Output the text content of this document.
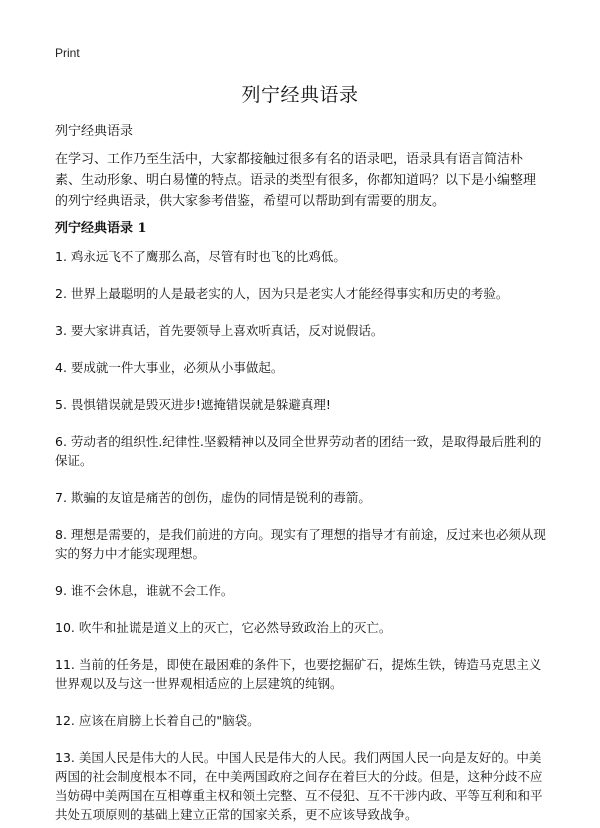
Print
列宁经典语录

列宁经典语录

在学习、工作乃至生活中，大家都接触过很多有名的语录吧，语录具有语言简洁朴素、生动形象、明白易懂的特点。语录的类型有很多，你都知道吗？以下是小编整理的列宁经典语录，供大家参考借鉴，希望可以帮助到有需要的朋友。

列宁经典语录 1
1. 鸡永远飞不了鹰那么高，尽管有时也飞的比鸡低。
2. 世界上最聪明的人是最老实的人，因为只是老实人才能经得事实和历史的考验。
3. 要大家讲真话，首先要领导上喜欢听真话，反对说假话。
4. 要成就一件大事业，必须从小事做起。
5. 畏惧错误就是毁灭进步!遮掩错误就是躲避真理!
6. 劳动者的组织性.纪律性.坚毅精神以及同全世界劳动者的团结一致，是取得最后胜利的保证。
7. 欺骗的友谊是痛苦的创伤，虚伪的同情是锐利的毒箭。
8. 理想是需要的，是我们前进的方向。现实有了理想的指导才有前途，反过来也必须从现实的努力中才能实现理想。
9. 谁不会休息，谁就不会工作。
10. 吹牛和扯谎是道义上的灭亡，它必然导致政治上的灭亡。
11. 当前的任务是，即使在最困难的条件下，也要挖掘矿石，提炼生铁，铸造马克思主义世界观以及与这一世界观相适应的上层建筑的纯钢。
12. 应该在肩膀上长着自己的"脑袋。
13. 美国人民是伟大的人民。中国人民是伟大的人民。我们两国人民一向是友好的。中美两国的社会制度根本不同，在中美两国政府之间存在着巨大的分歧。但是，这种分歧不应当妨碍中美两国在互相尊重主权和领土完整、互不侵犯、互不干涉内政、平等互利和和平共处五项原则的基础上建立正常的国家关系，更不应该导致战争。
